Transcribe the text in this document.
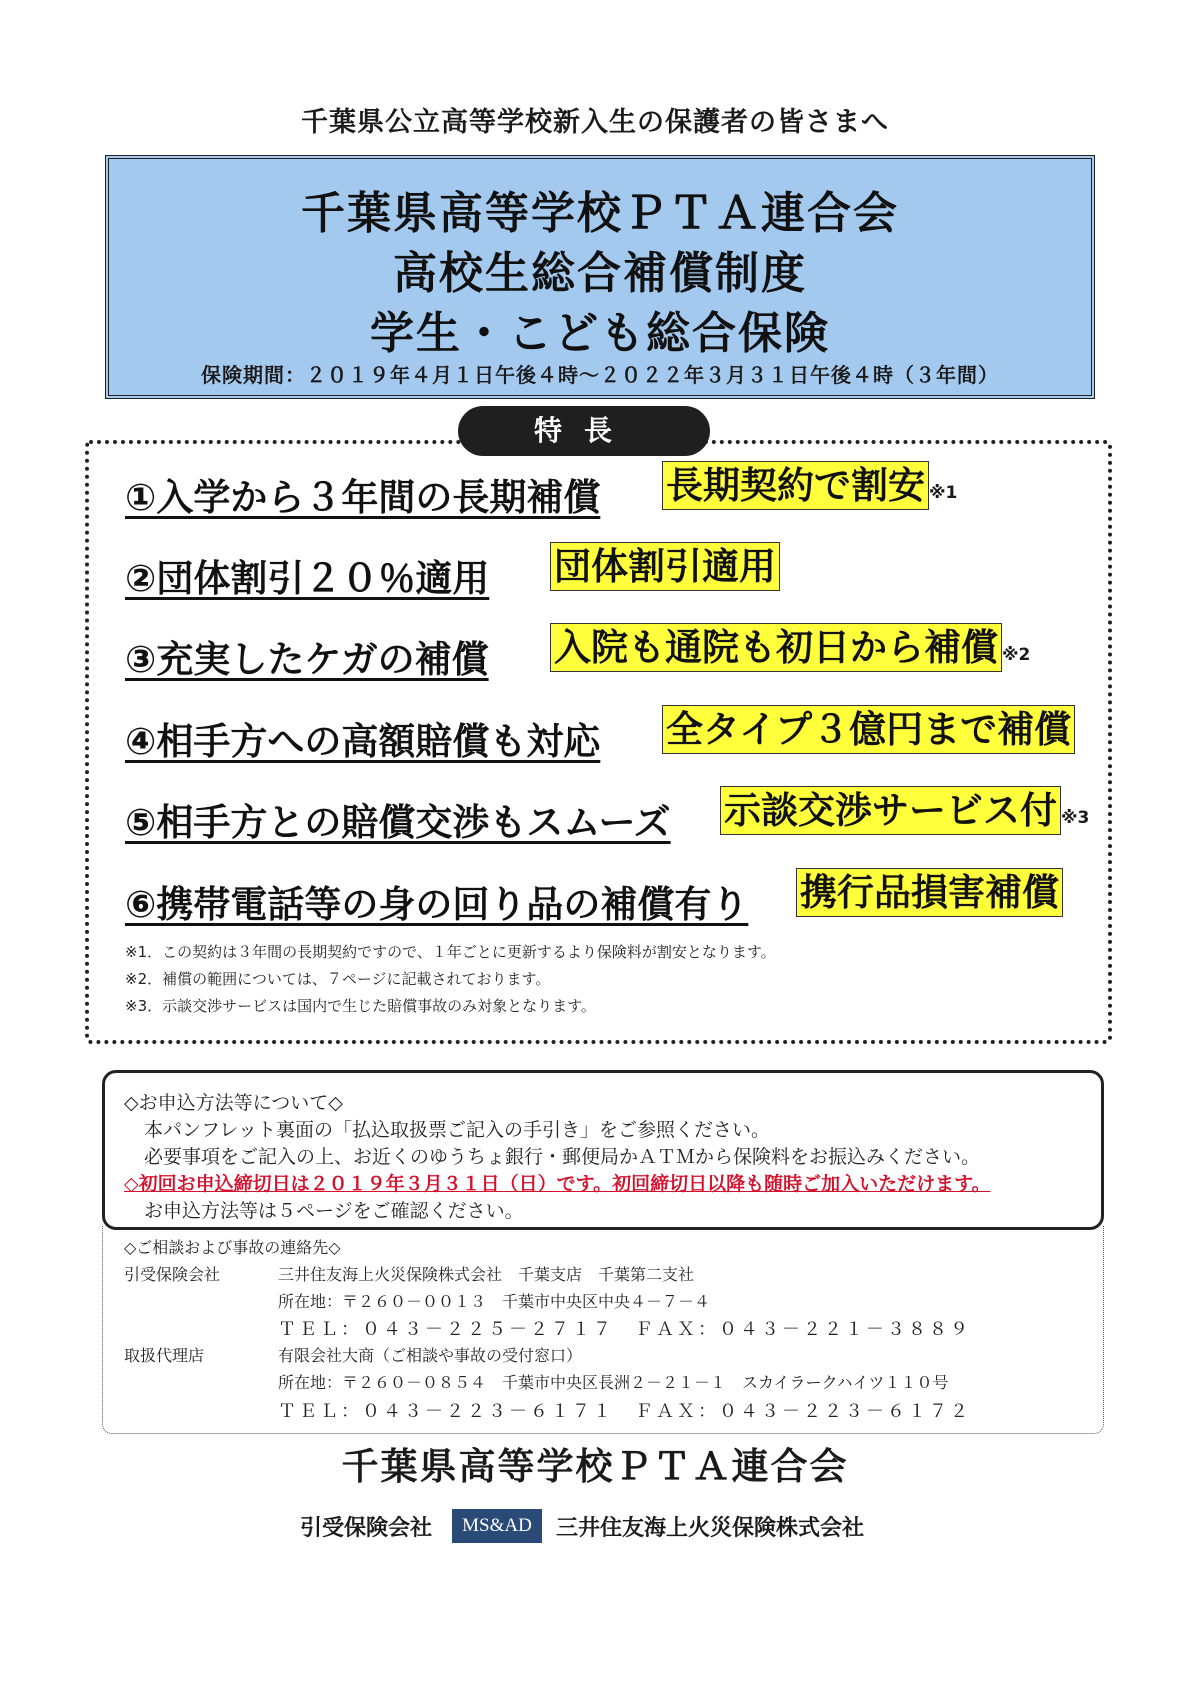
千葉県公立高等学校新入生の保護者の皆さまへ
千葉県高等学校ＰＴＡ連合会
高校生総合補償制度
学生・こども総合保険
保険期間：２０１９年４月１日午後４時～２０２２年３月３１日午後４時（３年間）
特長
①入学から３年間の長期補償 長期契約で割安 ※1
②団体割引２０％適用 団体割引適用
③充実したケガの補償 入院も通院も初日から補償 ※2
④相手方への高額賠償も対応 全タイプ３億円まで補償
⑤相手方との賠償交渉もスムーズ 示談交渉サービス付 ※3
⑥携帯電話等の身の回り品の補償有り 携行品損害補償
※1．この契約は３年間の長期契約ですので、１年ごとに更新するより保険料が割安となります。
※2．補償の範囲については、７ページに記載されております。
※3．示談交渉サービスは国内で生じた賠償事故のみ対象となります。
◇お申込方法等について◇
本パンフレット裏面の「払込取扱票ご記入の手引き」をご参照ください。
必要事項をご記入の上、お近くのゆうちょ銀行・郵便局かＡＴＭから保険料をお振込みください。
◇初回お申込締切日は２０１９年３月３１日（日）です。初回締切日以降も随時ご加入いただけます。
お申込方法等は５ページをご確認ください。
◇ご相談および事故の連絡先◇
引受保険会社	三井住友海上火災保険株式会社　千葉支店　千葉第二支社
所在地：〒２６０－００１３　千葉市中央区中央４－７－４
ＴＥＬ：０４３－２２５－２７１７　ＦＡＸ：０４３－２２１－３８８９
取扱代理店	有限会社大商（ご相談や事故の受付窓口）
所在地：〒２６０－０８５４　千葉市中央区長洲２－２１－１　スカイラークハイツ１１０号
ＴＥＬ：０４３－２２３－６１７１　ＦＡＸ：０４３－２２３－６１７２
千葉県高等学校ＰＴＡ連合会
引受保険会社	MS&AD	三井住友海上火災保険株式会社
